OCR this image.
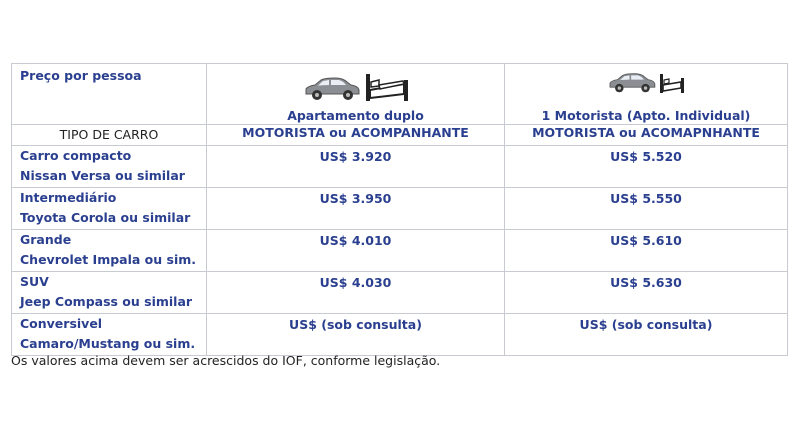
Preço por pessoa	Apartamento duplo	1 Motorista (Apto. Individual)

TIPO DE CARRO	MOTORISTA ou ACOMPANHANTE	MOTORISTA ou ACOMAPNHANTE

Carro compacto
Nissan Versa ou similar	US$ 3.920	US$ 5.520

Intermediário
Toyota Corola ou similar	US$ 3.950	US$ 5.550

Grande
Chevrolet Impala ou sim.	US$ 4.010	US$ 5.610

SUV
Jeep Compass ou similar	US$ 4.030	US$ 5.630

Conversivel
Camaro/Mustang ou sim.	US$ (sob consulta)	US$ (sob consulta)
Os valores acima devem ser acrescidos do IOF, conforme legislação.
